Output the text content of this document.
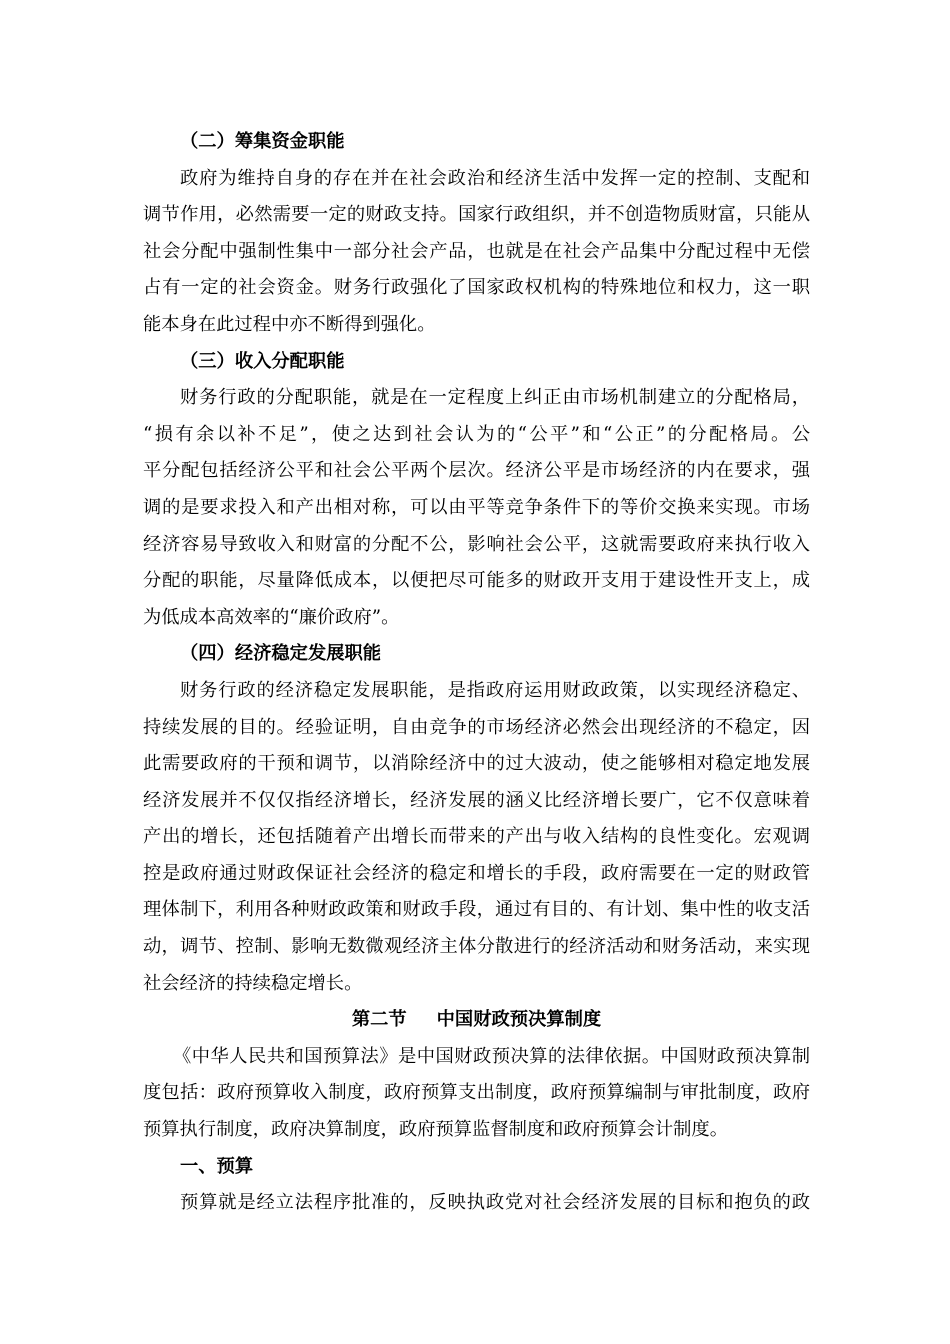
（二）筹集资金职能
政府为维持自身的存在并在社会政治和经济生活中发挥一定的控制、支配和
调节作用，必然需要一定的财政支持。国家行政组织，并不创造物质财富，只能从
社会分配中强制性集中一部分社会产品，也就是在社会产品集中分配过程中无偿
占有一定的社会资金。财务行政强化了国家政权机构的特殊地位和权力，这一职
能本身在此过程中亦不断得到强化。
（三）收入分配职能
财务行政的分配职能，就是在一定程度上纠正由市场机制建立的分配格局，
“损有余以补不足”，使之达到社会认为的“公平”和“公正”的分配格局。公
平分配包括经济公平和社会公平两个层次。经济公平是市场经济的内在要求，强
调的是要求投入和产出相对称，可以由平等竞争条件下的等价交换来实现。市场
经济容易导致收入和财富的分配不公，影响社会公平，这就需要政府来执行收入
分配的职能，尽量降低成本，以便把尽可能多的财政开支用于建设性开支上，成
为低成本高效率的“廉价政府”。
（四）经济稳定发展职能
财务行政的经济稳定发展职能，是指政府运用财政政策，以实现经济稳定、
持续发展的目的。经验证明，自由竞争的市场经济必然会出现经济的不稳定，因
此需要政府的干预和调节，以消除经济中的过大波动，使之能够相对稳定地发展
经济发展并不仅仅指经济增长，经济发展的涵义比经济增长要广，它不仅意味着
产出的增长，还包括随着产出增长而带来的产出与收入结构的良性变化。宏观调
控是政府通过财政保证社会经济的稳定和增长的手段，政府需要在一定的财政管
理体制下，利用各种财政政策和财政手段，通过有目的、有计划、集中性的收支活
动，调节、控制、影响无数微观经济主体分散进行的经济活动和财务活动，来实现
社会经济的持续稳定增长。
第二节 中国财政预决算制度
《中华人民共和国预算法》是中国财政预决算的法律依据。中国财政预决算制
度包括：政府预算收入制度，政府预算支出制度，政府预算编制与审批制度，政府
预算执行制度，政府决算制度，政府预算监督制度和政府预算会计制度。
一、预算
预算就是经立法程序批准的，反映执政党对社会经济发展的目标和抱负的政
